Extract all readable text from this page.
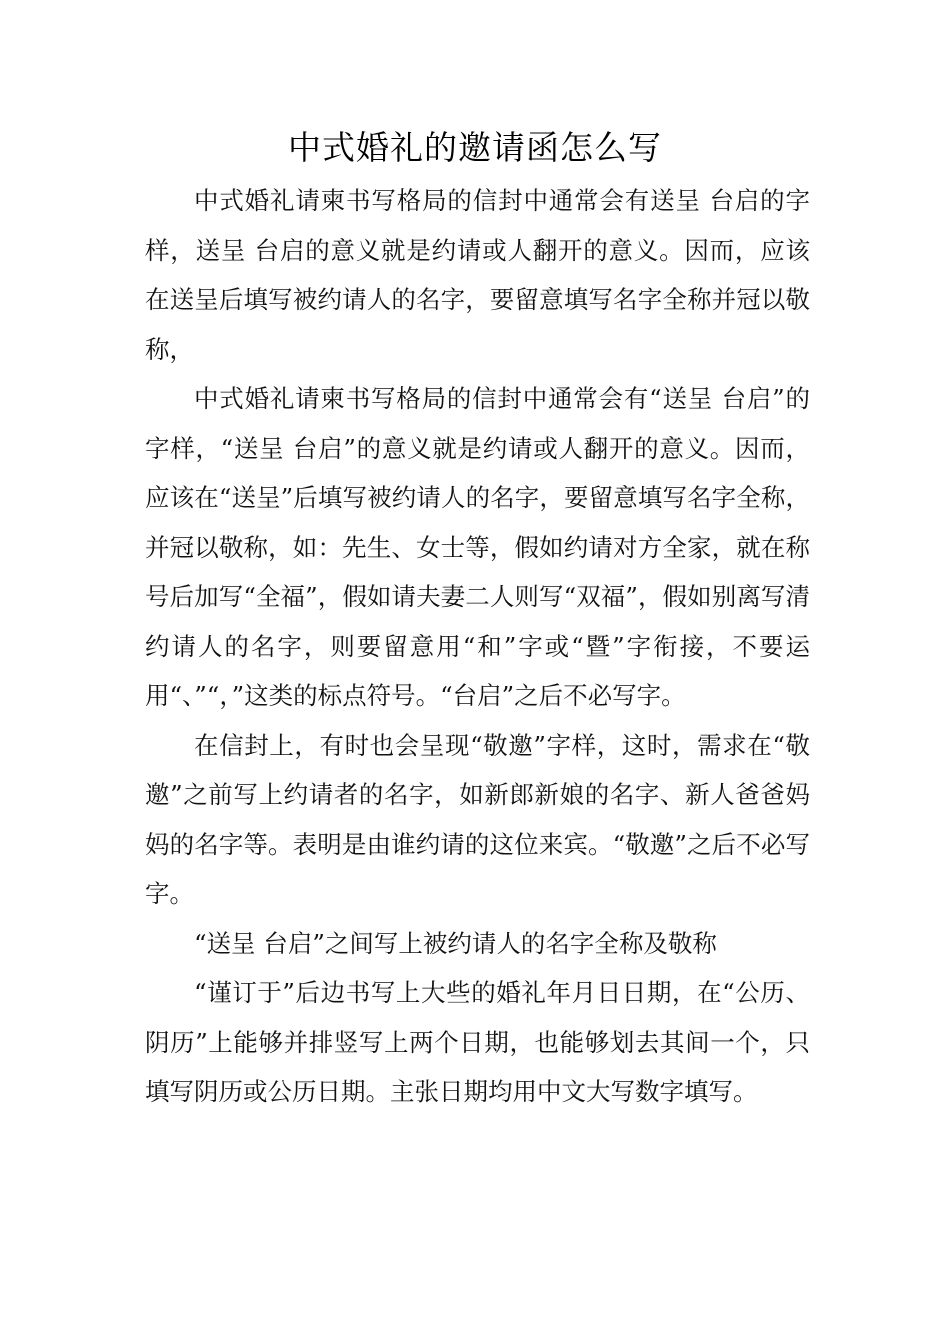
中式婚礼的邀请函怎么写

中式婚礼请柬书写格局的信封中通常会有送呈 台启的字样，送呈 台启的意义就是约请或人翻开的意义。因而，应该在送呈后填写被约请人的名字，要留意填写名字全称并冠以敬称，

中式婚礼请柬书写格局的信封中通常会有“送呈 台启”的字样，“送呈 台启”的意义就是约请或人翻开的意义。因而，应该在“送呈”后填写被约请人的名字，要留意填写名字全称，并冠以敬称，如：先生、女士等，假如约请对方全家，就在称号后加写“全福”，假如请夫妻二人则写“双福”，假如别离写清约请人的名字，则要留意用“和”字或“暨”字衔接，不要运用“、”“，”这类的标点符号。“台启”之后不必写字。

在信封上，有时也会呈现“敬邀”字样，这时，需求在“敬邀”之前写上约请者的名字，如新郎新娘的名字、新人爸爸妈妈的名字等。表明是由谁约请的这位来宾。“敬邀”之后不必写字。

“送呈 台启”之间写上被约请人的名字全称及敬称

“谨订于”后边书写上大些的婚礼年月日日期，在“公历、阴历”上能够并排竖写上两个日期，也能够划去其间一个，只填写阴历或公历日期。主张日期均用中文大写数字填写。
